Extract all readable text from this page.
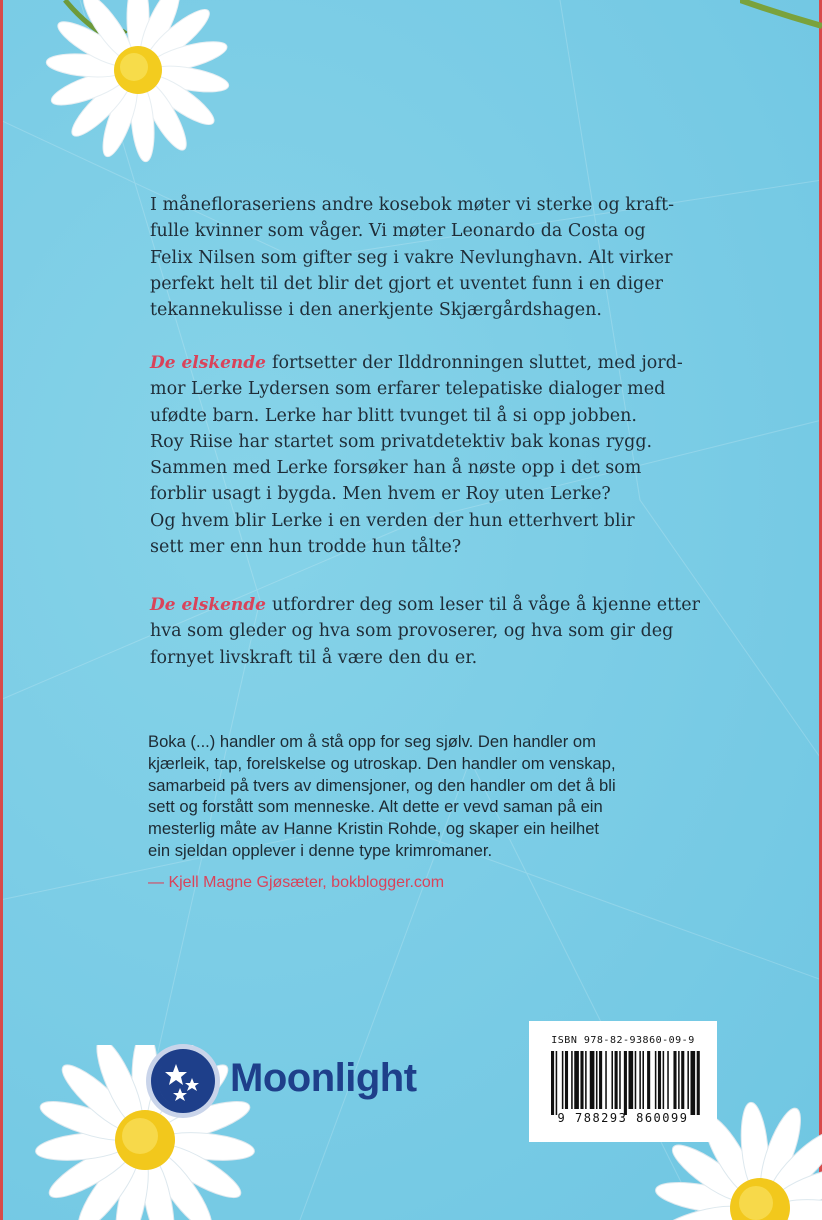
I månefloraseriens andre kosebok møter vi sterke og kraft-
fulle kvinner som våger. Vi møter Leonardo da Costa og
Felix Nilsen som gifter seg i vakre Nevlunghavn. Alt virker
perfekt helt til det blir det gjort et uventet funn i en diger
tekannekulisse i den anerkjente Skjærgårdshagen.

De elskende fortsetter der Ilddronningen sluttet, med jord-
mor Lerke Lydersen som erfarer telepatiske dialoger med
ufødte barn. Lerke har blitt tvunget til å si opp jobben.
Roy Riise har startet som privatdetektiv bak konas rygg.
Sammen med Lerke forsøker han å nøste opp i det som
forblir usagt i bygda. Men hvem er Roy uten Lerke?
Og hvem blir Lerke i en verden der hun etterhvert blir
sett mer enn hun trodde hun tålte?

De elskende utfordrer deg som leser til å våge å kjenne etter
hva som gleder og hva som provoserer, og hva som gir deg
fornyet livskraft til å være den du er.

Boka (...) handler om å stå opp for seg sjølv. Den handler om
kjærleik, tap, forelskelse og utroskap. Den handler om venskap,
samarbeid på tvers av dimensjoner, og den handler om det å bli
sett og forstått som menneske. Alt dette er vevd saman på ein
mesterlig måte av Hanne Kristin Rohde, og skaper ein heilhet
ein sjeldan opplever i denne type krimromaner.

— Kjell Magne Gjøsæter, bokblogger.com
Moonlight
ISBN 978-82-93860-09-9
9 788293 860099
